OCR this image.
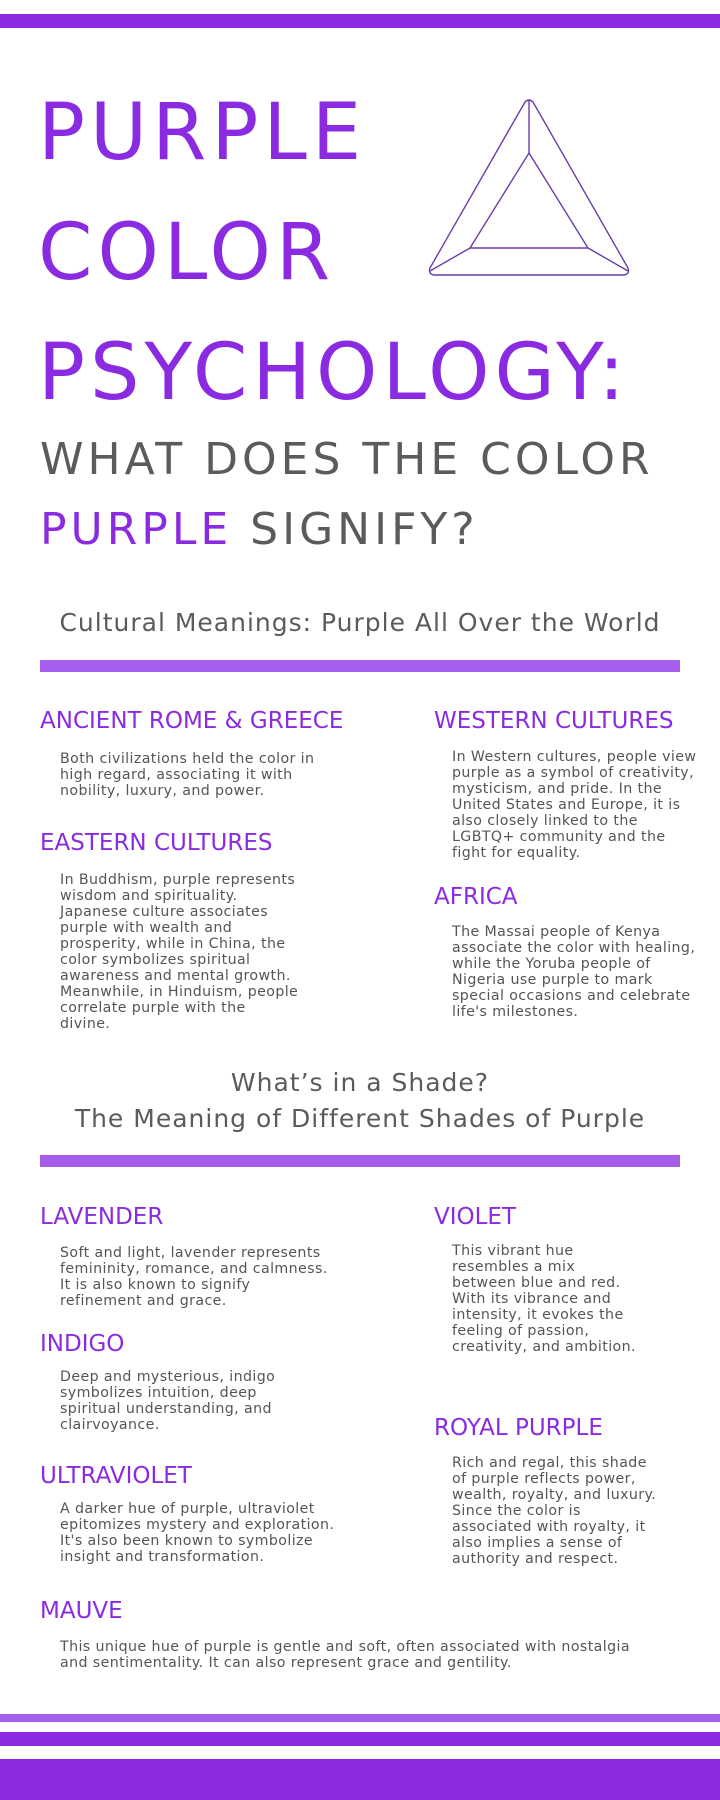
PURPLE
COLOR
PSYCHOLOGY:
WHAT DOES THE COLOR
PURPLE SIGNIFY?
Cultural Meanings: Purple All Over the World
ANCIENT ROME & GREECE
Both civilizations held the color in high regard, associating it with nobility, luxury, and power.
EASTERN CULTURES
In Buddhism, purple represents wisdom and spirituality. Japanese culture associates purple with wealth and prosperity, while in China, the color symbolizes spiritual awareness and mental growth. Meanwhile, in Hinduism, people correlate purple with the divine.
WESTERN CULTURES
In Western cultures, people view purple as a symbol of creativity, mysticism, and pride. In the United States and Europe, it is also closely linked to the LGBTQ+ community and the fight for equality.
AFRICA
The Massai people of Kenya associate the color with healing, while the Yoruba people of Nigeria use purple to mark special occasions and celebrate life's milestones.
What’s in a Shade?
The Meaning of Different Shades of Purple
LAVENDER
Soft and light, lavender represents femininity, romance, and calmness. It is also known to signify refinement and grace.
INDIGO
Deep and mysterious, indigo symbolizes intuition, deep spiritual understanding, and clairvoyance.
ULTRAVIOLET
A darker hue of purple, ultraviolet epitomizes mystery and exploration. It's also been known to symbolize insight and transformation.
VIOLET
This vibrant hue resembles a mix between blue and red. With its vibrance and intensity, it evokes the feeling of passion, creativity, and ambition.
ROYAL PURPLE
Rich and regal, this shade of purple reflects power, wealth, royalty, and luxury. Since the color is associated with royalty, it also implies a sense of authority and respect.
MAUVE
This unique hue of purple is gentle and soft, often associated with nostalgia and sentimentality. It can also represent grace and gentility.
